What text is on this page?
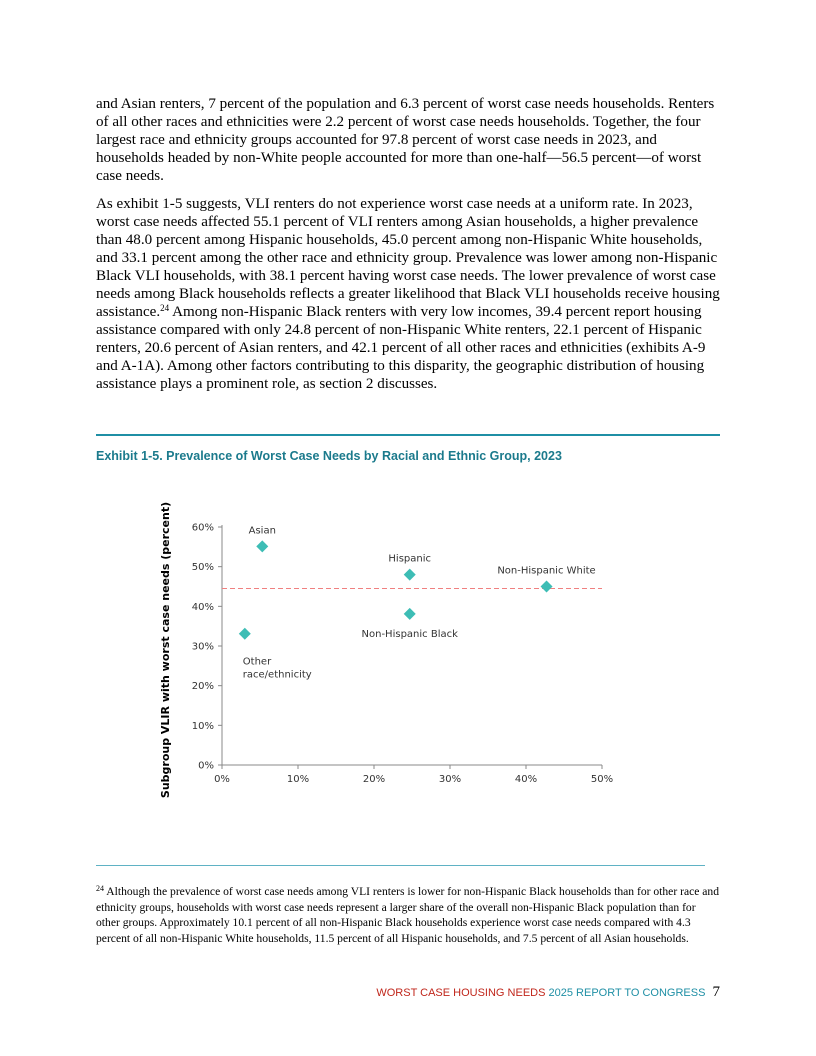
and Asian renters, 7 percent of the population and 6.3 percent of worst case needs households. Renters of all other races and ethnicities were 2.2 percent of worst case needs households. Together, the four largest race and ethnicity groups accounted for 97.8 percent of worst case needs in 2023, and households headed by non-White people accounted for more than one-half—56.5 percent—of worst case needs.

As exhibit 1-5 suggests, VLI renters do not experience worst case needs at a uniform rate. In 2023, worst case needs affected 55.1 percent of VLI renters among Asian households, a higher prevalence than 48.0 percent among Hispanic households, 45.0 percent among non-Hispanic White households, and 33.1 percent among the other race and ethnicity group. Prevalence was lower among non-Hispanic Black VLI households, with 38.1 percent having worst case needs. The lower prevalence of worst case needs among Black households reflects a greater likelihood that Black VLI households receive housing assistance.$^{24}$ Among non-Hispanic Black renters with very low incomes, 39.4 percent report housing assistance compared with only 24.8 percent of non-Hispanic White renters, 22.1 percent of Hispanic renters, 20.6 percent of Asian renters, and 42.1 percent of all other races and ethnicities (exhibits A-9 and A-1A). Among other factors contributing to this disparity, the geographic distribution of housing assistance plays a prominent role, as section 2 discusses.

Exhibit 1-5. Prevalence of Worst Case Needs by Racial and Ethnic Group, 2023

Subgroup VLIR with worst case needs (percent)	0%
10%
20%
30%
40%
50%
60%
0%	10%	20%	30%	40%	50%
Asian
Hispanic
Non-Hispanic White
Non-Hispanic Black
Other
race/ethnicity

$^{24}$ Although the prevalence of worst case needs among VLI renters is lower for non-Hispanic Black households than for other race and ethnicity groups, households with worst case needs represent a larger share of the overall non-Hispanic Black population than for other groups. Approximately 10.1 percent of all non-Hispanic Black households experience worst case needs compared with 4.3 percent of all non-Hispanic White households, 11.5 percent of all Hispanic households, and 7.5 percent of all Asian households.

WORST CASE HOUSING NEEDS 2025 REPORT TO CONGRESS 7
